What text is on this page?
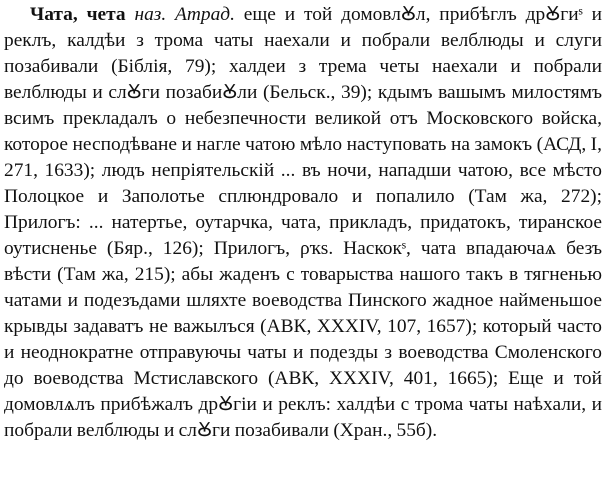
Чата, чета наз. Атрад. еще и той домовлꙊл, прибѣглъ дрꙊгиˢ и реклъ, калдѣи з трома чаты наехали и побрали велблюды и слуги позабивали (Біблія, 79); халдеи з трема четы наехали и побрали велблюды и слꙊги позабиꙊли (Бельск., 39); кдымъ вашымъ милостямъ всимъ прекладалъ о небезпечности великой отъ Московского войска, которое несподѣване и нагле чатою мѣло наступовать на замокъ (АСД, І, 271, 1633); людъ непріятельскій ... въ ночи, нападши чатою, все мѣсто Полоцкое и Заполотье сплюндровало и попалило (Там жа, 272); Прилогъ: ... натертье, оутарчка, чата, прикладъ, придатокъ, тиранское оутисненье (Бяр., 126); Прилогъ, ρҡѕ. Наскокˢ, чата впадаючаѧ безъ вѣсти (Там жа, 215); абы жаденъ с товарыства нашого такъ в тягненью чатами и подезъдами шляхте воеводства Пинского жадное найменьшое крывды задаватъ не важылъся (АВК, XXXIV, 107, 1657); который часто и неоднократне отправуючы чаты и подезды з воеводства Смоленского до воеводства Мстиславского (АВК, XXXIV, 401, 1665); Еще и той домовлѧлъ прибѣжалъ дрꙊгіи и реклъ: халдѣи с трома чаты наѣхали, и побрали велблюды и слꙊги позабивали (Хран., 55б).
